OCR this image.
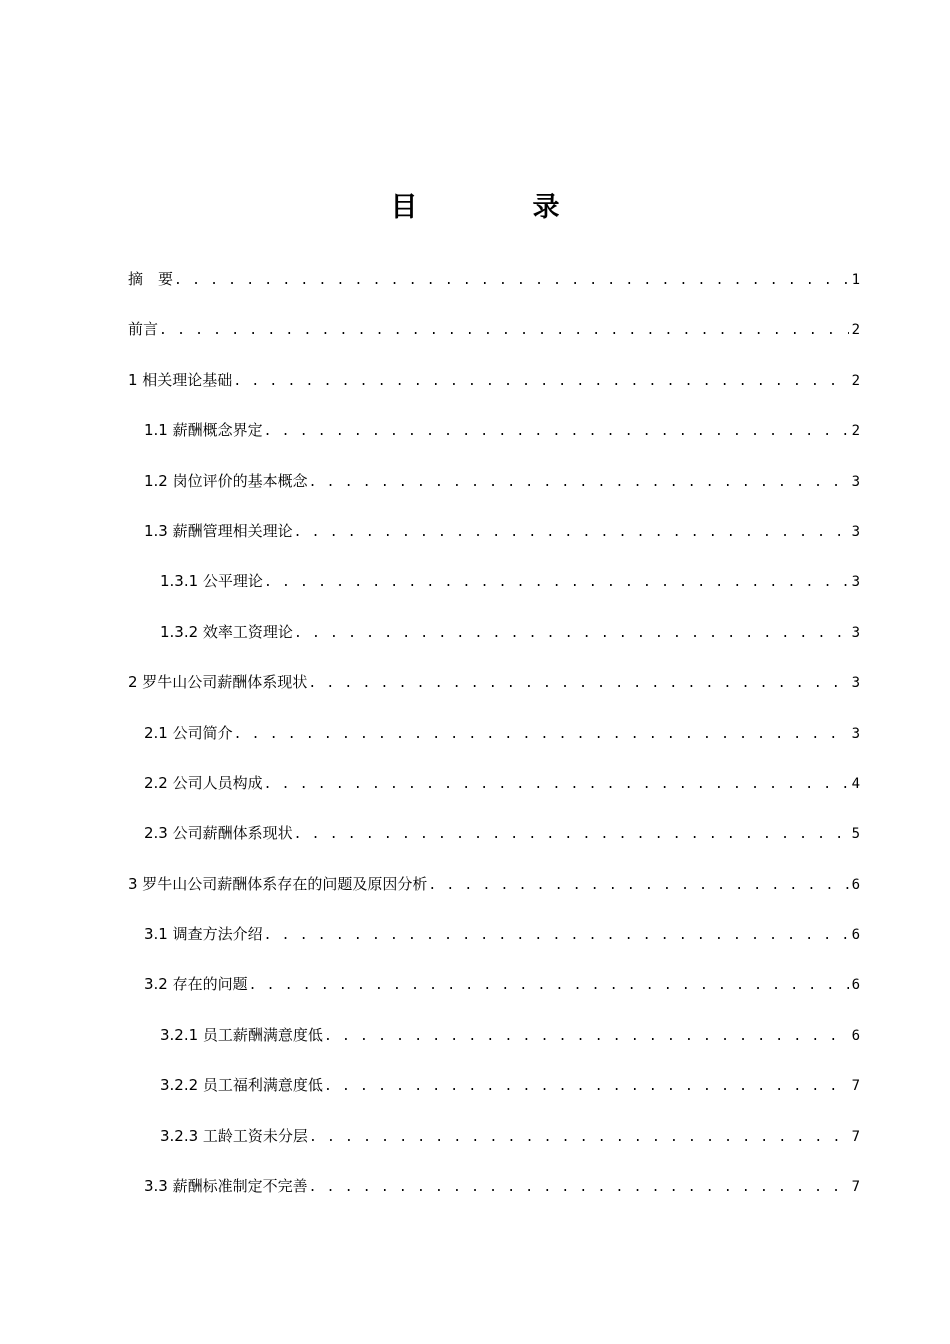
目　录
摘　要 . . .	1
前言 . . .	2
1 相关理论基础 . . .	2
1.1 薪酬概念界定 . . .	2
1.2 岗位评价的基本概念 . . .	3
1.3 薪酬管理相关理论 . . .	3
1.3.1 公平理论 . . .	3
1.3.2 效率工资理论 . . .	3
2 罗牛山公司薪酬体系现状 . . .	3
2.1 公司简介 . . .	3
2.2 公司人员构成 . . .	4
2.3 公司薪酬体系现状 . . .	5
3 罗牛山公司薪酬体系存在的问题及原因分析 . . .	6
3.1 调查方法介绍 . . .	6
3.2 存在的问题 . . .	6
3.2.1 员工薪酬满意度低 . . .	6
3.2.2 员工福利满意度低 . . .	7
3.2.3 工龄工资未分层 . . .	7
3.3 薪酬标准制定不完善 . . .	7
